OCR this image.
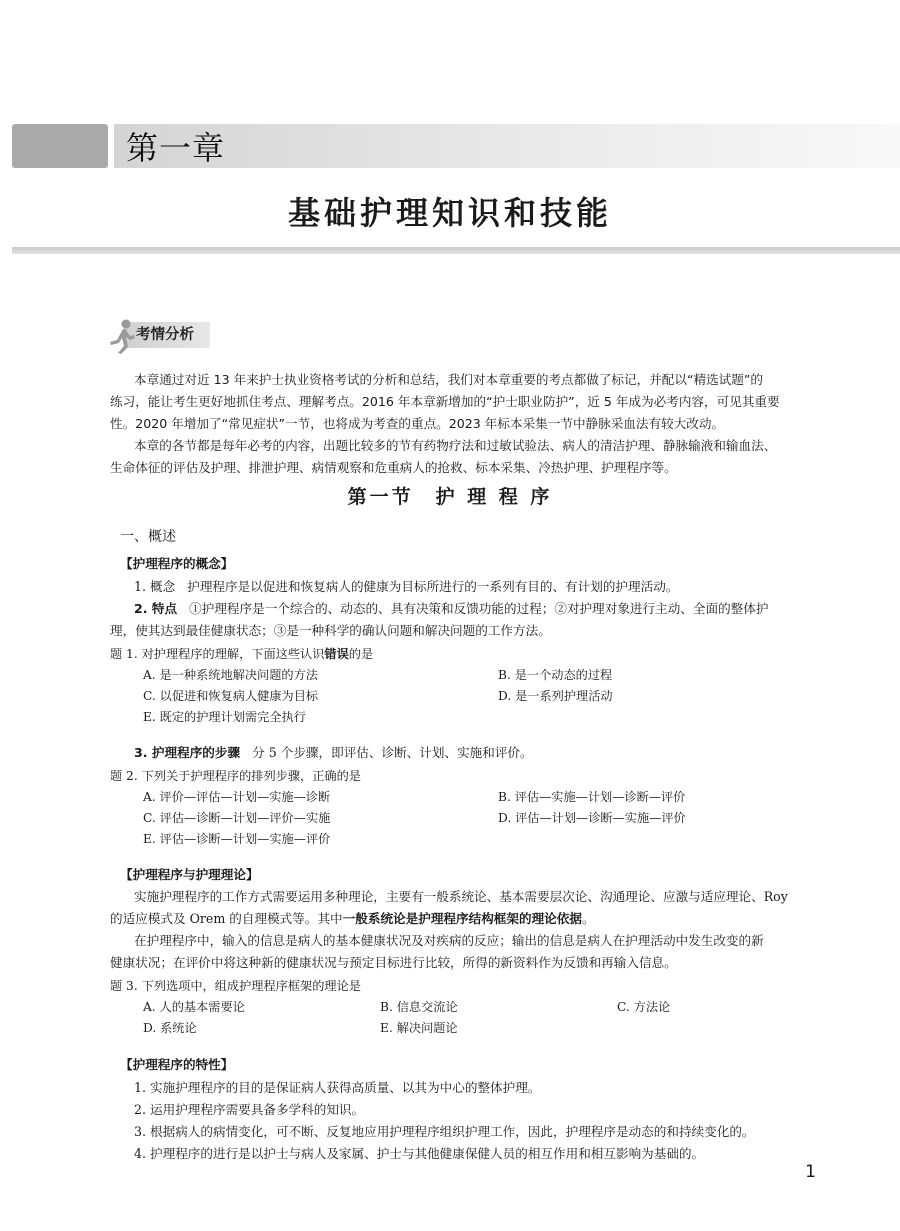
第一章
基础护理知识和技能
考情分析
本章通过对近 13 年来护士执业资格考试的分析和总结，我们对本章重要的考点都做了标记，并配以“精选试题”的
练习，能让考生更好地抓住考点、理解考点。2016 年本章新增加的“护士职业防护”，近 5 年成为必考内容，可见其重要
性。2020 年增加了“常见症状”一节，也将成为考查的重点。2023 年标本采集一节中静脉采血法有较大改动。
本章的各节都是每年必考的内容，出题比较多的节有药物疗法和过敏试验法、病人的清洁护理、静脉输液和输血法、
生命体征的评估及护理、排泄护理、病情观察和危重病人的抢救、标本采集、冷热护理、护理程序等。
第一节　护 理 程 序
一、概述
【护理程序的概念】
1. 概念 护理程序是以促进和恢复病人的健康为目标所进行的一系列有目的、有计划的护理活动。
2. 特点 ①护理程序是一个综合的、动态的、具有决策和反馈功能的过程；②对护理对象进行主动、全面的整体护
理，使其达到最佳健康状态；③是一种科学的确认问题和解决问题的工作方法。
题 1. 对护理程序的理解，下面这些认识错误的是
A. 是一种系统地解决问题的方法	B. 是一个动态的过程
C. 以促进和恢复病人健康为目标	D. 是一系列护理活动
E. 既定的护理计划需完全执行
3. 护理程序的步骤 分 5 个步骤，即评估、诊断、计划、实施和评价。
题 2. 下列关于护理程序的排列步骤，正确的是
A. 评价—评估—计划—实施—诊断	B. 评估—实施—计划—诊断—评价
C. 评估—诊断—计划—评价—实施	D. 评估—计划—诊断—实施—评价
E. 评估—诊断—计划—实施—评价
【护理程序与护理理论】
实施护理程序的工作方式需要运用多种理论，主要有一般系统论、基本需要层次论、沟通理论、应激与适应理论、Roy
的适应模式及 Orem 的自理模式等。其中一般系统论是护理程序结构框架的理论依据。
在护理程序中，输入的信息是病人的基本健康状况及对疾病的反应；输出的信息是病人在护理活动中发生改变的新
健康状况；在评价中将这种新的健康状况与预定目标进行比较，所得的新资料作为反馈和再输入信息。
题 3. 下列选项中，组成护理程序框架的理论是
A. 人的基本需要论	B. 信息交流论	C. 方法论
D. 系统论	E. 解决问题论
【护理程序的特性】
1. 实施护理程序的目的是保证病人获得高质量、以其为中心的整体护理。
2. 运用护理程序需要具备多学科的知识。
3. 根据病人的病情变化，可不断、反复地应用护理程序组织护理工作，因此，护理程序是动态的和持续变化的。
4. 护理程序的进行是以护士与病人及家属、护士与其他健康保健人员的相互作用和相互影响为基础的。
1
